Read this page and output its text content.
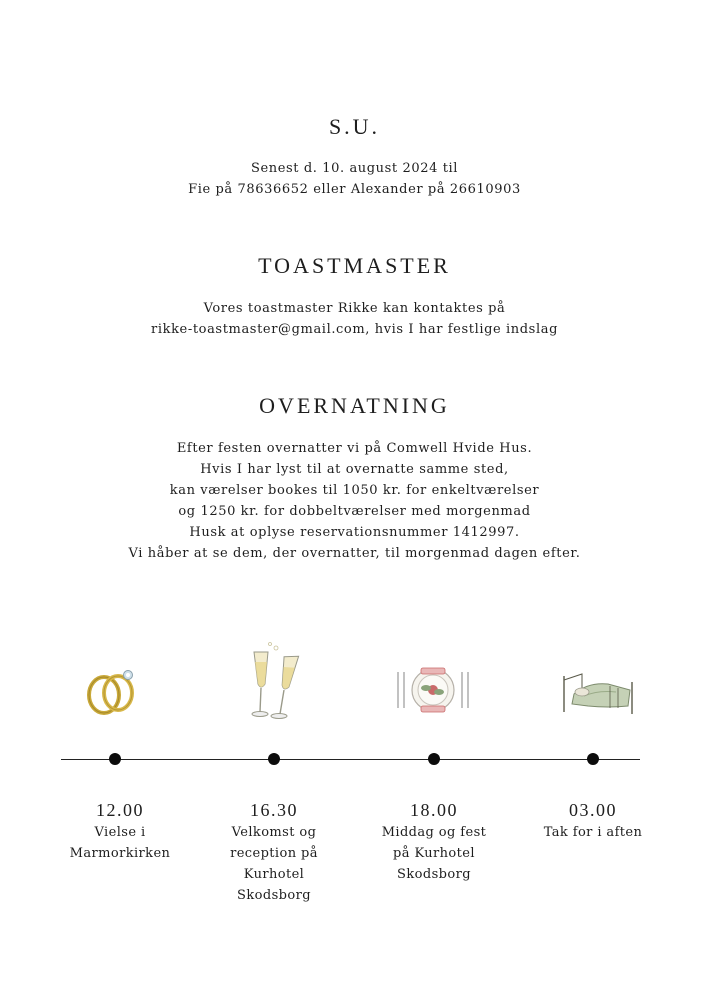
S.U.

Senest d. 10. august 2024 til
Fie på 78636652 eller Alexander på 26610903

TOASTMASTER

Vores toastmaster Rikke kan kontaktes på
rikke-toastmaster@gmail.com, hvis I har festlige indslag

OVERNATNING

Efter festen overnatter vi på Comwell Hvide Hus.
Hvis I har lyst til at overnatte samme sted,
kan værelser bookes til 1050 kr. for enkeltværelser
og 1250 kr. for dobbeltværelser med morgenmad
Husk at oplyse reservationsnummer 1412997.
Vi håber at se dem, der overnatter, til morgenmad dagen efter.

12.00
Vielse i
Marmorkirken
16.30
Velkomst og
reception på
Kurhotel
Skodsborg
18.00
Middag og fest
på Kurhotel
Skodsborg
03.00
Tak for i aften
